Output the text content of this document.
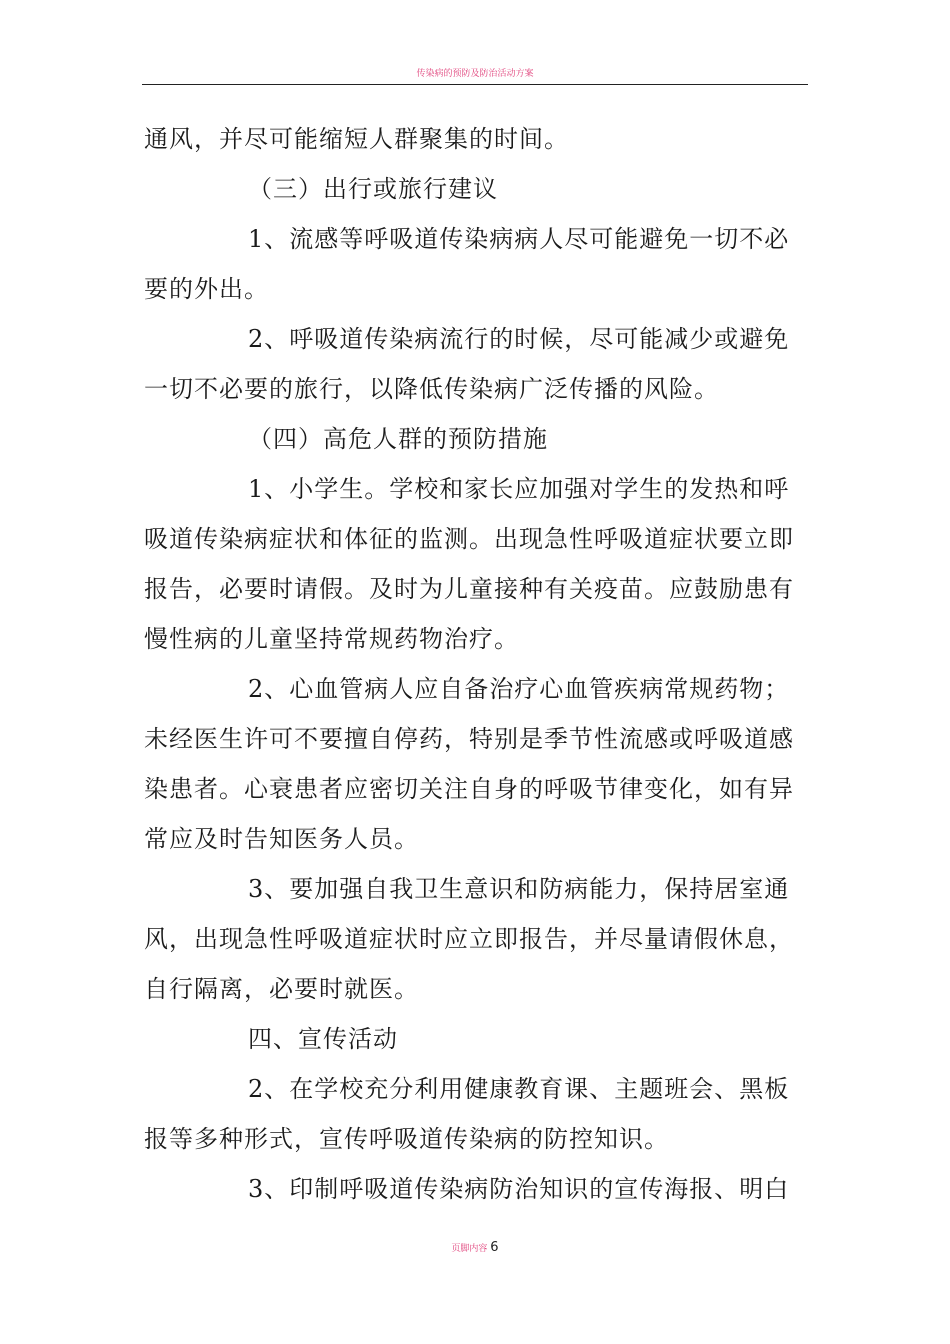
传染病的预防及防治活动方案
通风，并尽可能缩短人群聚集的时间。
（三）出行或旅行建议
1、流感等呼吸道传染病病人尽可能避免一切不必
要的外出。
2、呼吸道传染病流行的时候，尽可能减少或避免
一切不必要的旅行，以降低传染病广泛传播的风险。
（四）高危人群的预防措施
1、小学生。学校和家长应加强对学生的发热和呼
吸道传染病症状和体征的监测。出现急性呼吸道症状要立即
报告，必要时请假。及时为儿童接种有关疫苗。应鼓励患有
慢性病的儿童坚持常规药物治疗。
2、心血管病人应自备治疗心血管疾病常规药物；
未经医生许可不要擅自停药，特别是季节性流感或呼吸道感
染患者。心衰患者应密切关注自身的呼吸节律变化，如有异
常应及时告知医务人员。
3、要加强自我卫生意识和防病能力，保持居室通
风，出现急性呼吸道症状时应立即报告，并尽量请假休息，
自行隔离，必要时就医。
四、宣传活动
2、在学校充分利用健康教育课、主题班会、黑板
报等多种形式，宣传呼吸道传染病的防控知识。
3、印制呼吸道传染病防治知识的宣传海报、明白
页脚内容 6
